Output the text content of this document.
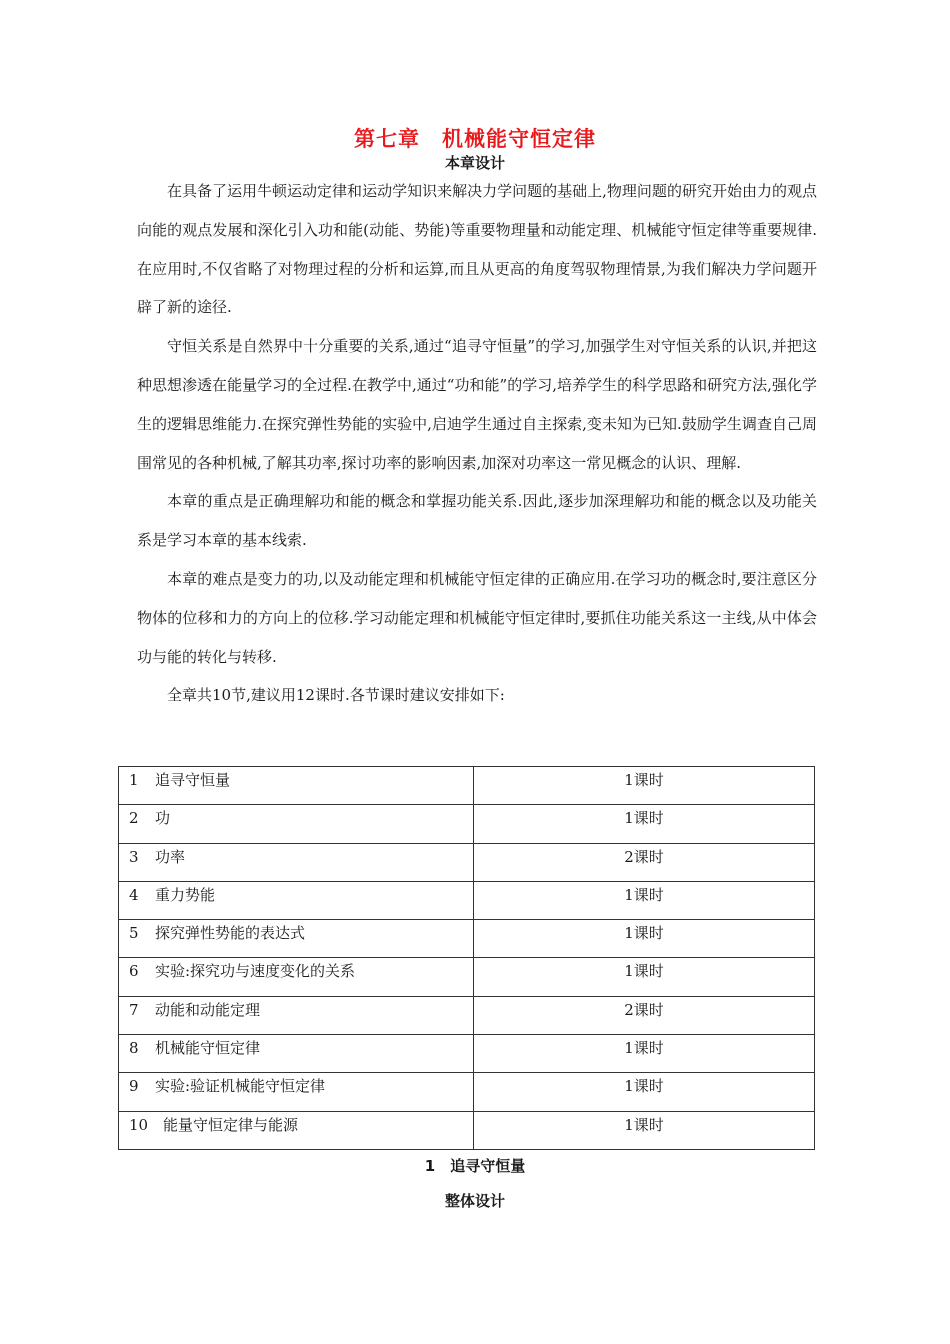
第七章　机械能守恒定律
本章设计

在具备了运用牛顿运动定律和运动学知识来解决力学问题的基础上,物理问题的研究开始由力的观点向能的观点发展和深化引入功和能(动能、势能)等重要物理量和动能定理、机械能守恒定律等重要规律.在应用时,不仅省略了对物理过程的分析和运算,而且从更高的角度驾驭物理情景,为我们解决力学问题开辟了新的途径.

守恒关系是自然界中十分重要的关系,通过“追寻守恒量”的学习,加强学生对守恒关系的认识,并把这种思想渗透在能量学习的全过程.在教学中,通过“功和能”的学习,培养学生的科学思路和研究方法,强化学生的逻辑思维能力.在探究弹性势能的实验中,启迪学生通过自主探索,变未知为已知.鼓励学生调查自己周围常见的各种机械,了解其功率,探讨功率的影响因素,加深对功率这一常见概念的认识、理解.

本章的重点是正确理解功和能的概念和掌握功能关系.因此,逐步加深理解功和能的概念以及功能关系是学习本章的基本线索.

本章的难点是变力的功,以及动能定理和机械能守恒定律的正确应用.在学习功的概念时,要注意区分物体的位移和力的方向上的位移.学习动能定理和机械能守恒定律时,要抓住功能关系这一主线,从中体会功与能的转化与转移.

全章共10节,建议用12课时.各节课时建议安排如下:

1 追寻守恒量	1课时
2 功	1课时
3 功率	2课时
4 重力势能	1课时
5 探究弹性势能的表达式	1课时
6 实验:探究功与速度变化的关系	1课时
7 动能和动能定理	2课时
8 机械能守恒定律	1课时
9 实验:验证机械能守恒定律	1课时
10 能量守恒定律与能源	1课时
1　追寻守恒量
整体设计
